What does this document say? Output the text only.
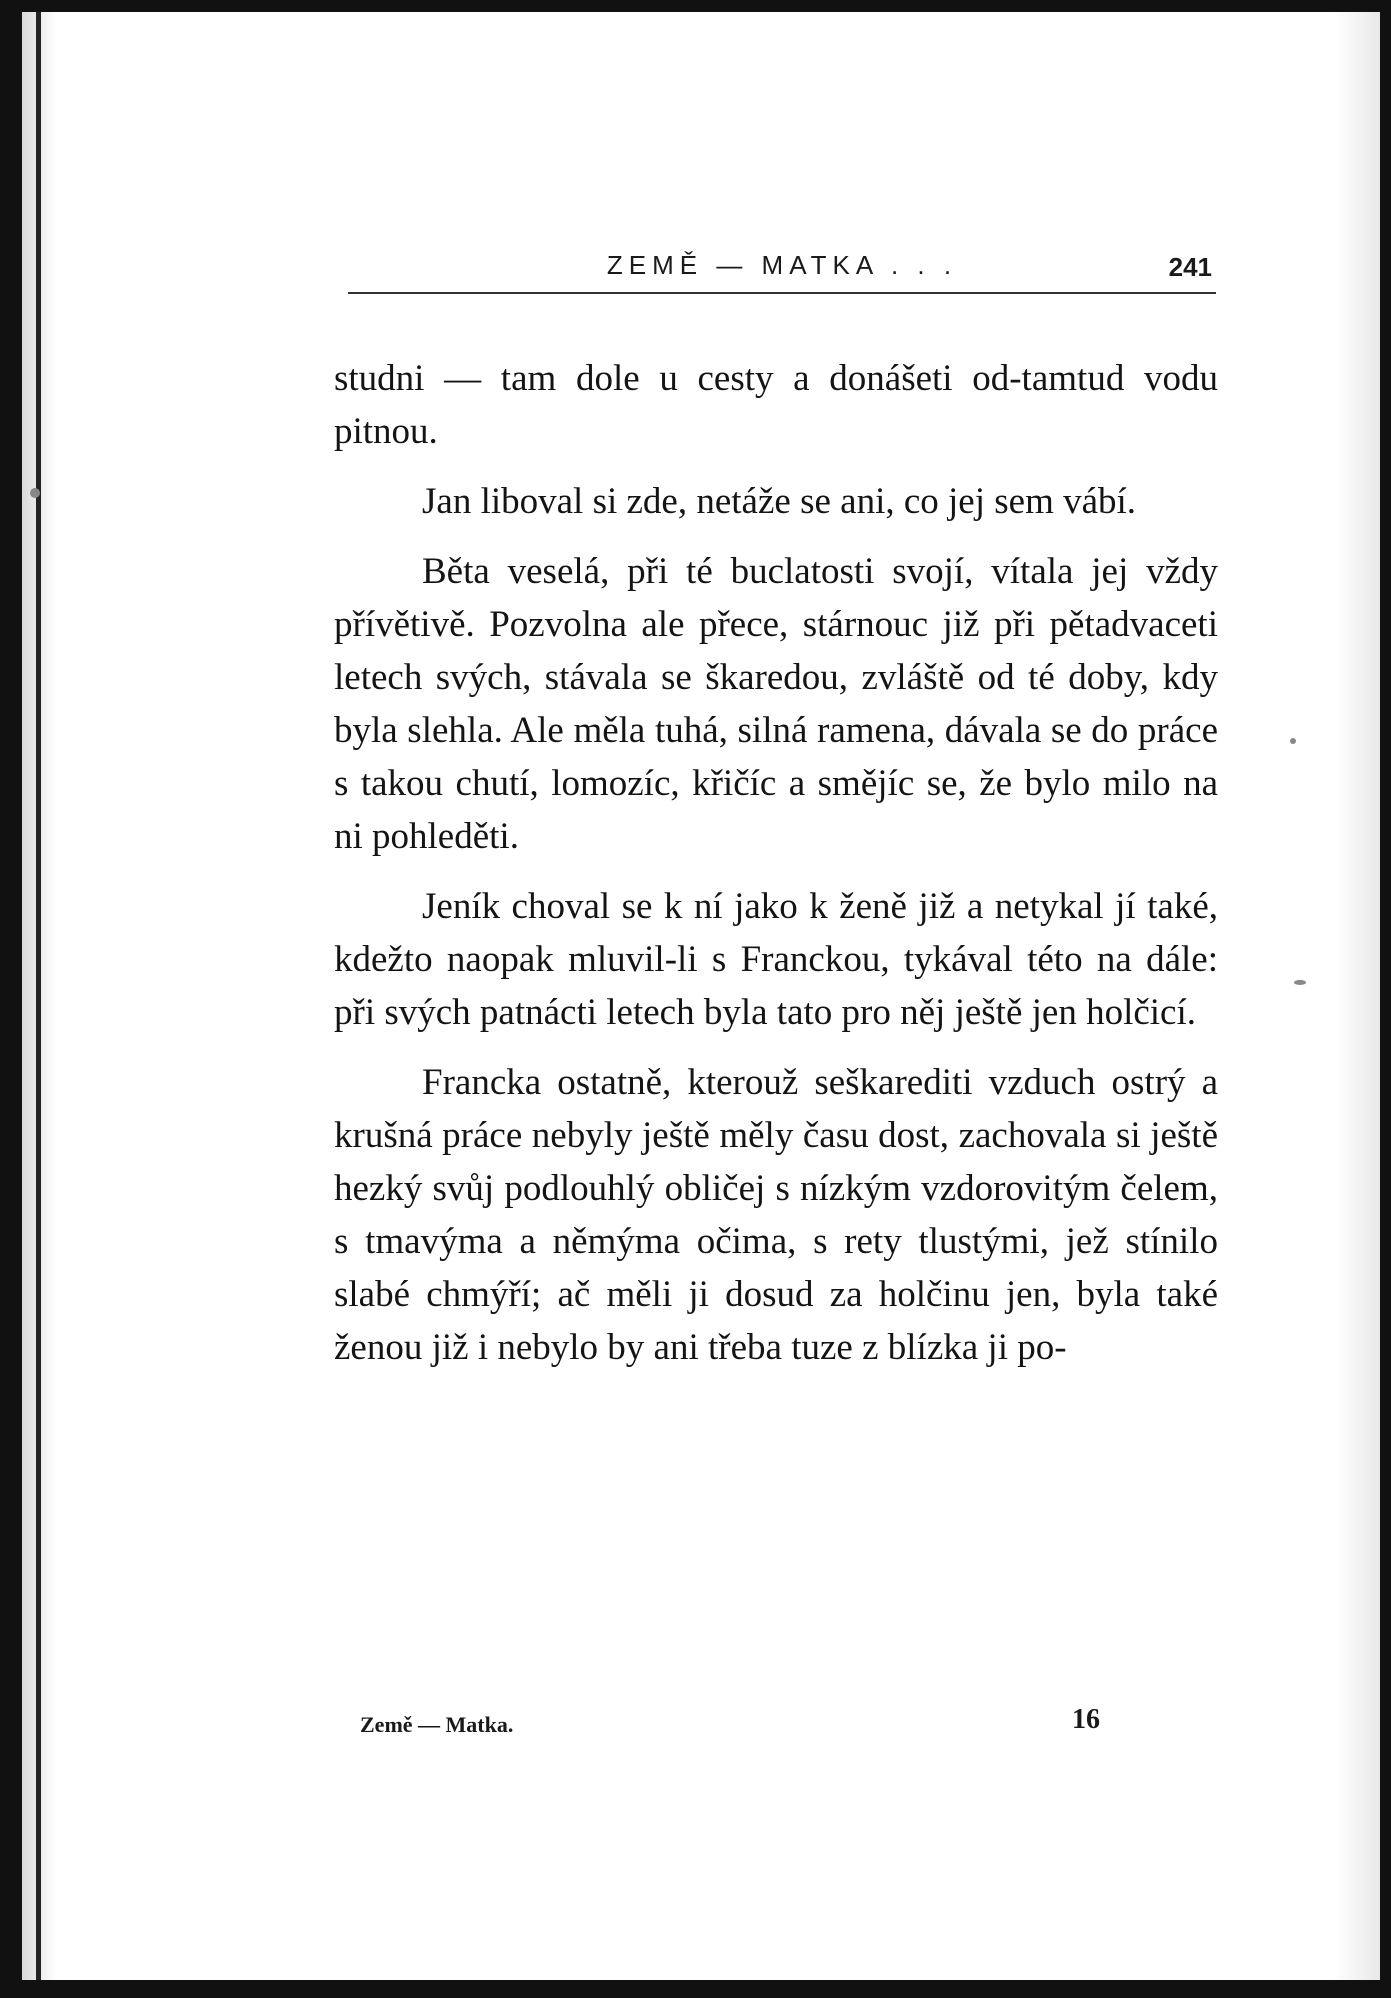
ZEMĚ — MATKA . . .	241

studni — tam dole u cesty a donášeti od-tamtud vodu pitnou.

Jan liboval si zde, netáže se ani, co jej sem vábí.

Běta veselá, při té buclatosti svojí, vítala jej vždy přívětivě. Pozvolna ale přece, stárnouc již při pětadvaceti letech svých, stávala se škaredou, zvláště od té doby, kdy byla slehla. Ale měla tuhá, silná ramena, dávala se do práce s takou chutí, lomozíc, křičíc a smějíc se, že bylo milo na ni pohleděti.

Jeník choval se k ní jako k ženě již a netykal jí také, kdežto naopak mluvil-li s Franckou, tykával této na dále: při svých patnácti letech byla tato pro něj ještě jen holčicí.

Francka ostatně, kterouž seškarediti vzduch ostrý a krušná práce nebyly ještě měly času dost, zachovala si ještě hezký svůj podlouhlý obličej s nízkým vzdorovitým čelem, s tmavýma a němýma očima, s rety tlustými, jež stínilo slabé chmýří; ač měli ji dosud za holčinu jen, byla také ženou již i nebylo by ani třeba tuze z blízka ji po-

Země — Matka.	16
